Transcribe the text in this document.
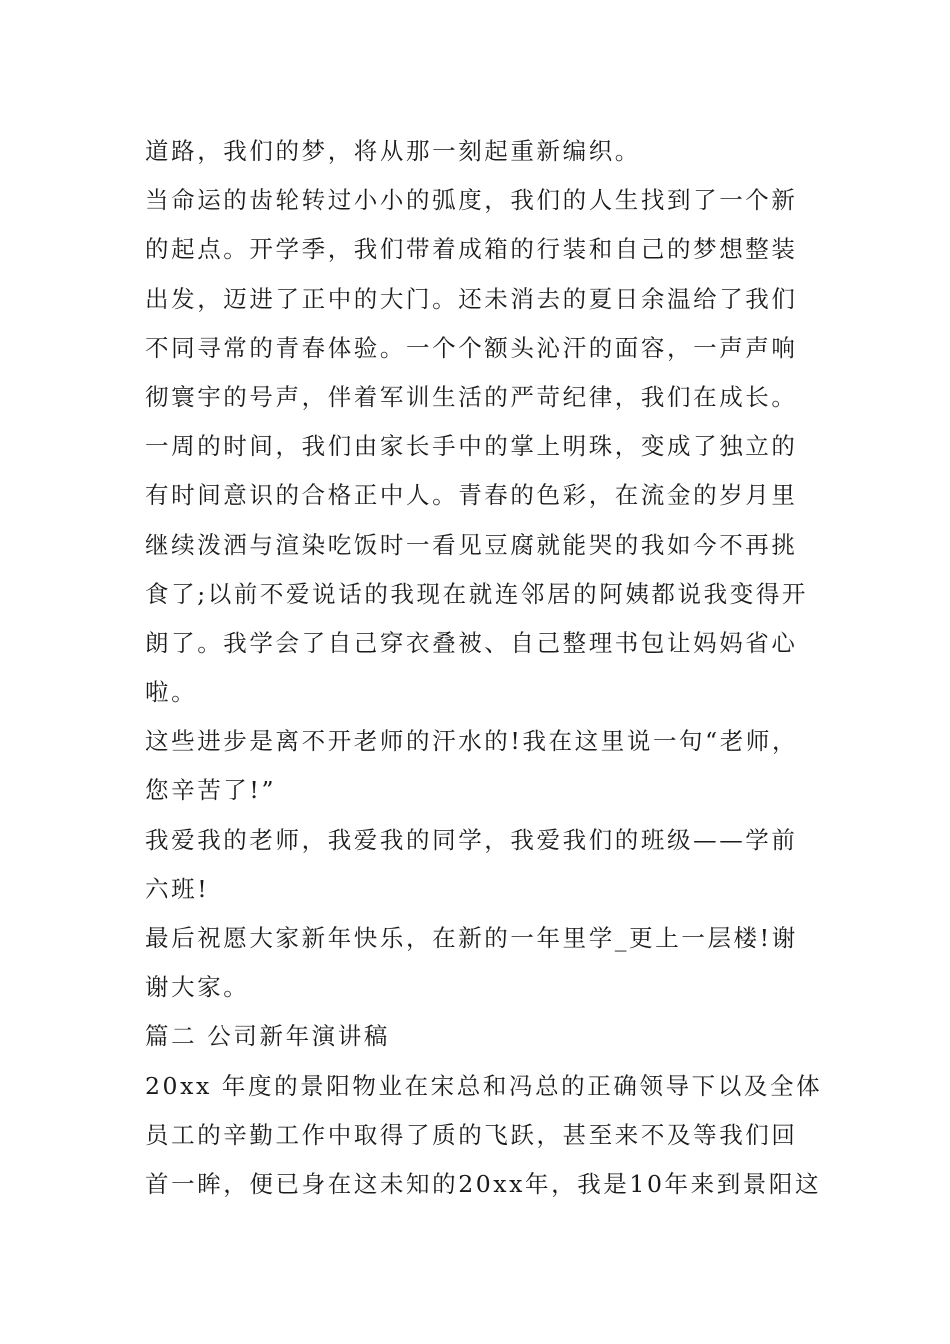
道路，我们的梦，将从那一刻起重新编织。
当命运的齿轮转过小小的弧度，我们的人生找到了一个新
的起点。开学季，我们带着成箱的行装和自己的梦想整装
出发，迈进了正中的大门。还未消去的夏日余温给了我们
不同寻常的青春体验。一个个额头沁汗的面容，一声声响
彻寰宇的号声，伴着军训生活的严苛纪律，我们在成长。
一周的时间，我们由家长手中的掌上明珠，变成了独立的
有时间意识的合格正中人。青春的色彩，在流金的岁月里
继续泼洒与渲染吃饭时一看见豆腐就能哭的我如今不再挑
食了;以前不爱说话的我现在就连邻居的阿姨都说我变得开
朗了。我学会了自己穿衣叠被、自己整理书包让妈妈省心
啦。
这些进步是离不开老师的汗水的!我在这里说一句“老师，
您辛苦了!”
我爱我的老师，我爱我的同学，我爱我们的班级——学前
六班!
最后祝愿大家新年快乐，在新的一年里学_更上一层楼!谢
谢大家。
篇二 公司新年演讲稿
20xx 年度的景阳物业在宋总和冯总的正确领导下以及全体
员工的辛勤工作中取得了质的飞跃，甚至来不及等我们回
首一眸，便已身在这未知的20xx年，我是10年来到景阳这
